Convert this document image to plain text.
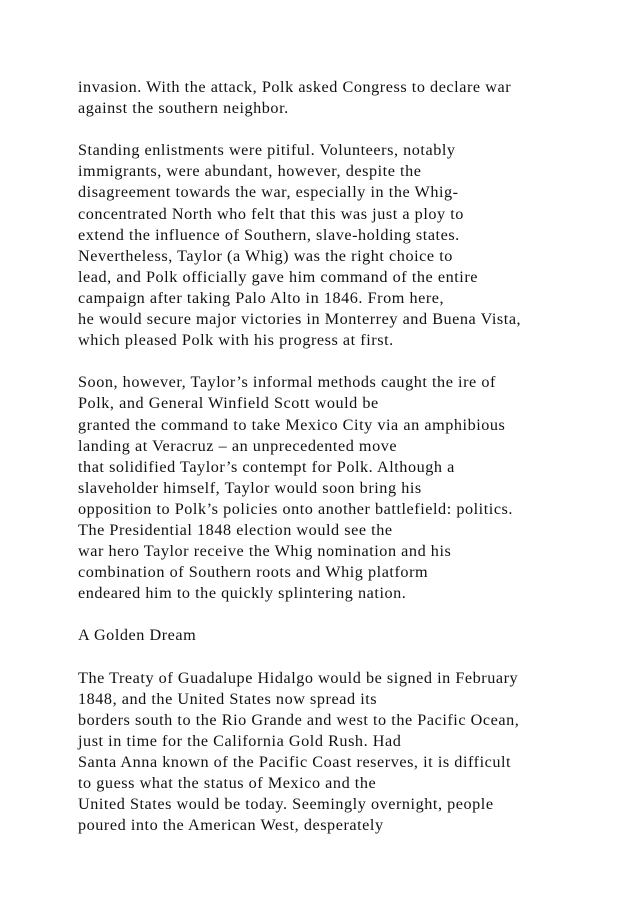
invasion. With the attack, Polk asked Congress to declare war
against the southern neighbor.
Standing enlistments were pitiful. Volunteers, notably
immigrants, were abundant, however, despite the
disagreement towards the war, especially in the Whig-
concentrated North who felt that this was just a ploy to
extend the influence of Southern, slave-holding states.
Nevertheless, Taylor (a Whig) was the right choice to
lead, and Polk officially gave him command of the entire
campaign after taking Palo Alto in 1846. From here,
he would secure major victories in Monterrey and Buena Vista,
which pleased Polk with his progress at first.
Soon, however, Taylor’s informal methods caught the ire of
Polk, and General Winfield Scott would be
granted the command to take Mexico City via an amphibious
landing at Veracruz – an unprecedented move
that solidified Taylor’s contempt for Polk. Although a
slaveholder himself, Taylor would soon bring his
opposition to Polk’s policies onto another battlefield: politics.
The Presidential 1848 election would see the
war hero Taylor receive the Whig nomination and his
combination of Southern roots and Whig platform
endeared him to the quickly splintering nation.
A Golden Dream
The Treaty of Guadalupe Hidalgo would be signed in February
1848, and the United States now spread its
borders south to the Rio Grande and west to the Pacific Ocean,
just in time for the California Gold Rush. Had
Santa Anna known of the Pacific Coast reserves, it is difficult
to guess what the status of Mexico and the
United States would be today. Seemingly overnight, people
poured into the American West, desperately
